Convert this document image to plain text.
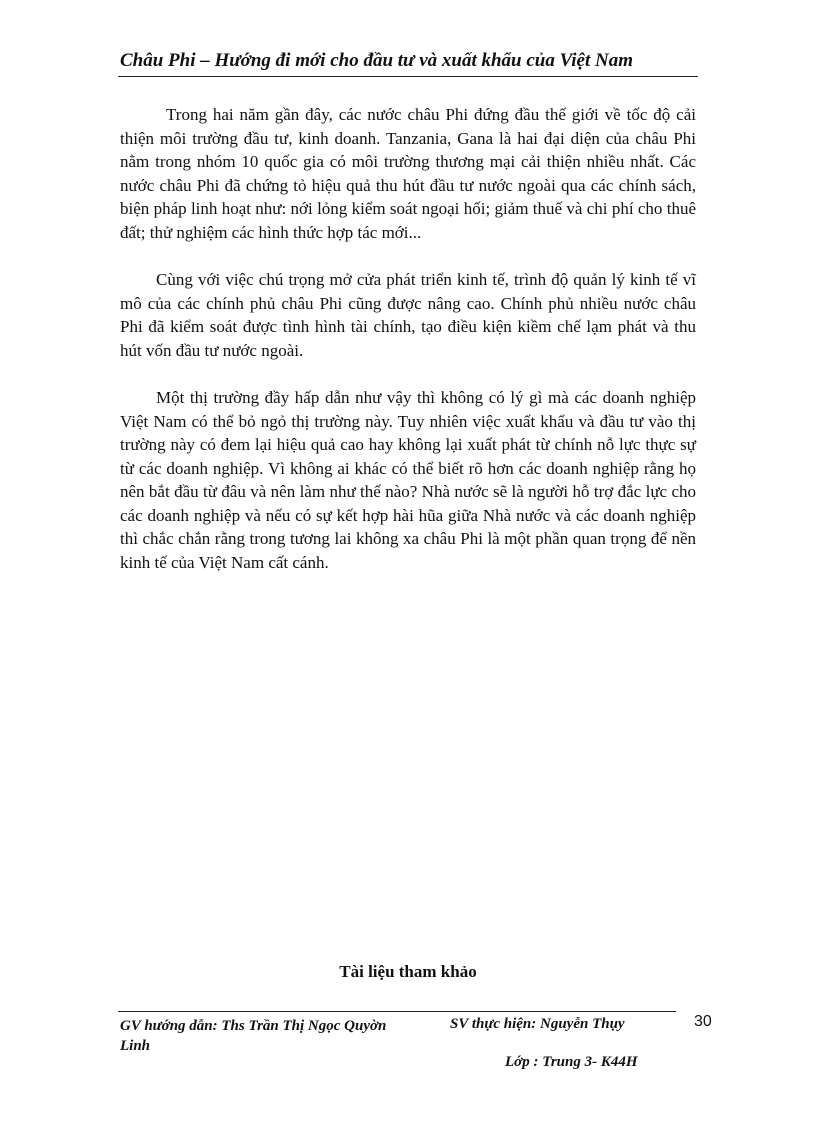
Châu Phi – Hướng đi mới cho đầu tư và xuất khẩu của Việt Nam

Trong hai năm gần đây, các nước châu Phi đứng đầu thế giới về tốc độ cải thiện môi trường đầu tư, kinh doanh. Tanzania, Gana là hai đại diện của châu Phi nằm trong nhóm 10 quốc gia có môi trường thương mại cải thiện nhiều nhất. Các nước châu Phi đã chứng tỏ hiệu quả thu hút đầu tư nước ngoài qua các chính sách, biện pháp linh hoạt như: nới lỏng kiểm soát ngoại hối; giảm thuế và chi phí cho thuê đất; thử nghiệm các hình thức hợp tác mới...

Cùng với việc chú trọng mở cửa phát triển kinh tế, trình độ quản lý kinh tế vĩ mô của các chính phủ châu Phi cũng được nâng cao. Chính phủ nhiều nước châu Phi đã kiểm soát được tình hình tài chính, tạo điều kiện kiềm chế lạm phát và thu hút vốn đầu tư nước ngoài.

Một thị trường đầy hấp dẫn như vậy thì không có lý gì mà các doanh nghiệp Việt Nam có thể bỏ ngỏ thị trường này. Tuy nhiên việc xuất khẩu và đầu tư vào thị trường này có đem lại hiệu quả cao hay không lại xuất phát từ chính nỗ lực thực sự từ các doanh nghiệp. Vì không ai khác có thể biết rõ hơn các doanh nghiệp rằng họ nên bắt đầu từ đâu và nên làm như thế nào? Nhà nước sẽ là người hỗ trợ đắc lực cho các doanh nghiệp và nếu có sự kết hợp hài hũa giữa Nhà nước và các doanh nghiệp thì chắc chắn rằng trong tương lai không xa châu Phi là một phần quan trọng để nền kinh tế của Việt Nam cất cánh.

Tài liệu tham khảo
GV hướng dẫn: Ths Trần Thị Ngọc Quyờn Linh
SV thực hiện: Nguyễn Thụy
Lớp : Trung 3- K44H
30
